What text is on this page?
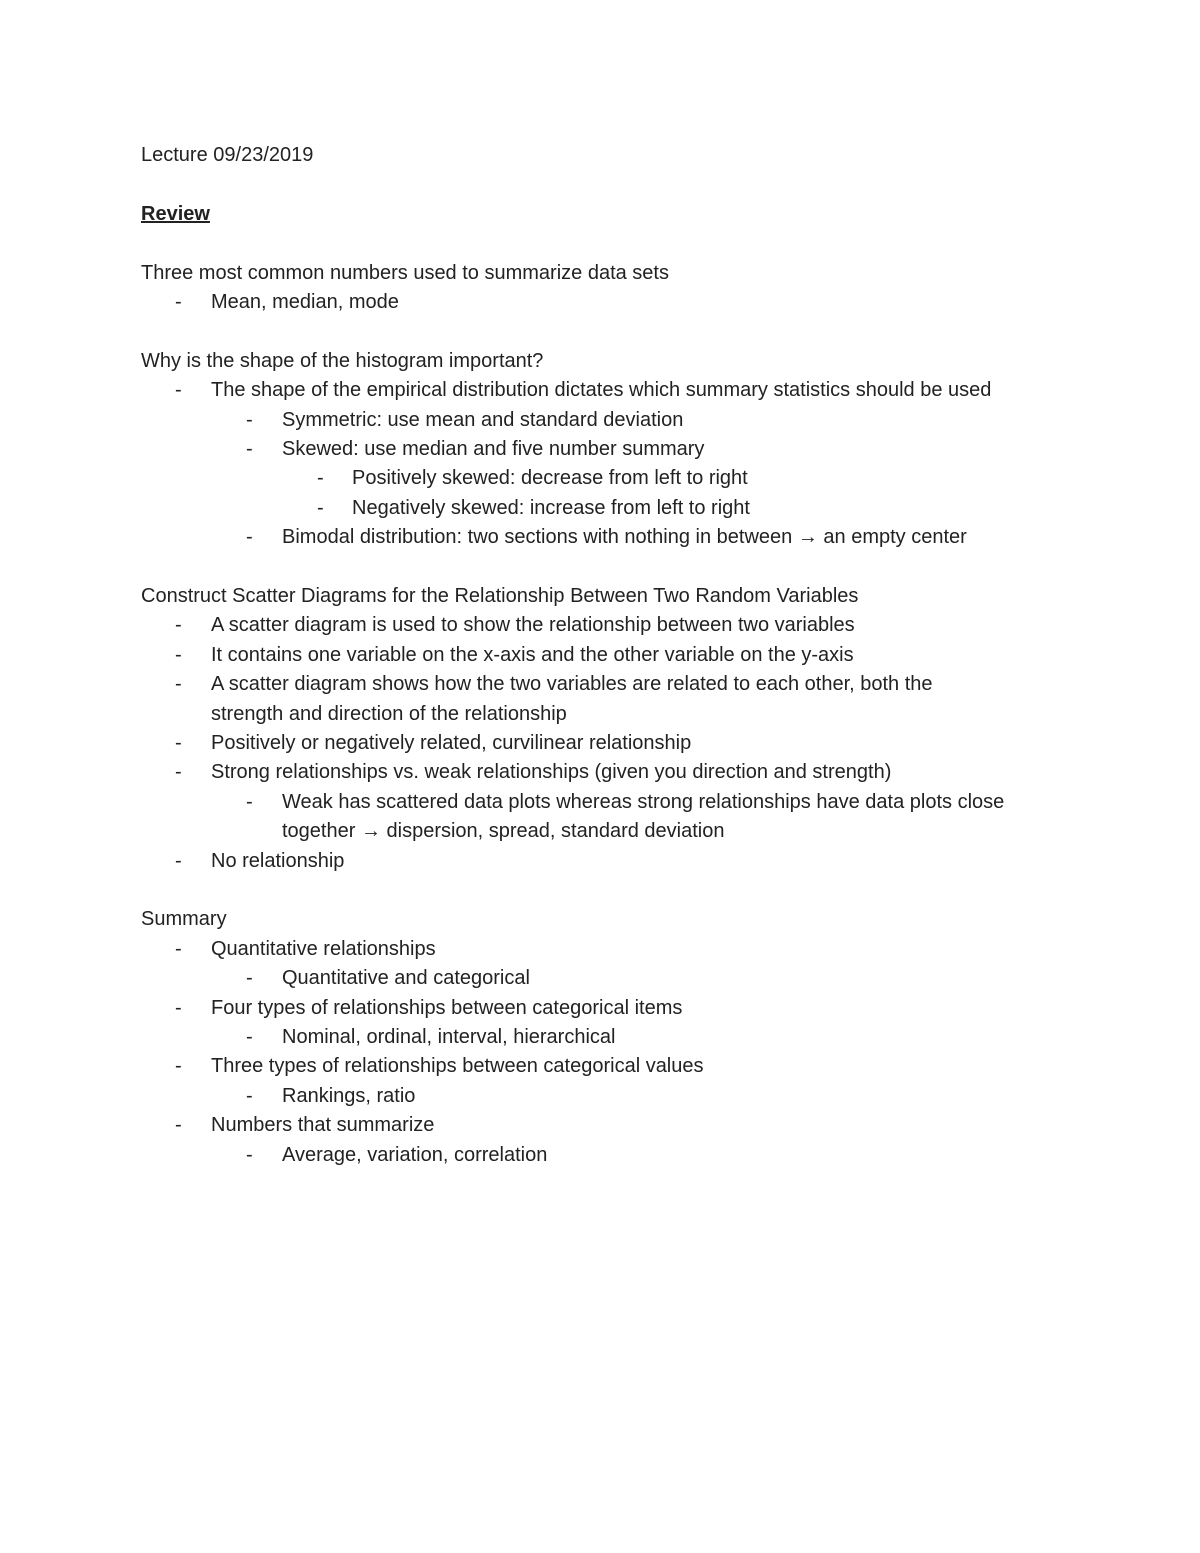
Lecture 09/23/2019
Review
Three most common numbers used to summarize data sets
-	Mean, median, mode
Why is the shape of the histogram important?
-	The shape of the empirical distribution dictates which summary statistics should be used
-	Symmetric: use mean and standard deviation
-	Skewed: use median and five number summary
-	Positively skewed: decrease from left to right
-	Negatively skewed: increase from left to right
-	Bimodal distribution: two sections with nothing in between → an empty center
Construct Scatter Diagrams for the Relationship Between Two Random Variables
-	A scatter diagram is used to show the relationship between two variables
-	It contains one variable on the x-axis and the other variable on the y-axis
-	A scatter diagram shows how the two variables are related to each other, both the strength and direction of the relationship
-	Positively or negatively related, curvilinear relationship
-	Strong relationships vs. weak relationships (given you direction and strength)
-	Weak has scattered data plots whereas strong relationships have data plots close together → dispersion, spread, standard deviation
-	No relationship
Summary
-	Quantitative relationships
-	Quantitative and categorical
-	Four types of relationships between categorical items
-	Nominal, ordinal, interval, hierarchical
-	Three types of relationships between categorical values
-	Rankings, ratio
-	Numbers that summarize
-	Average, variation, correlation
